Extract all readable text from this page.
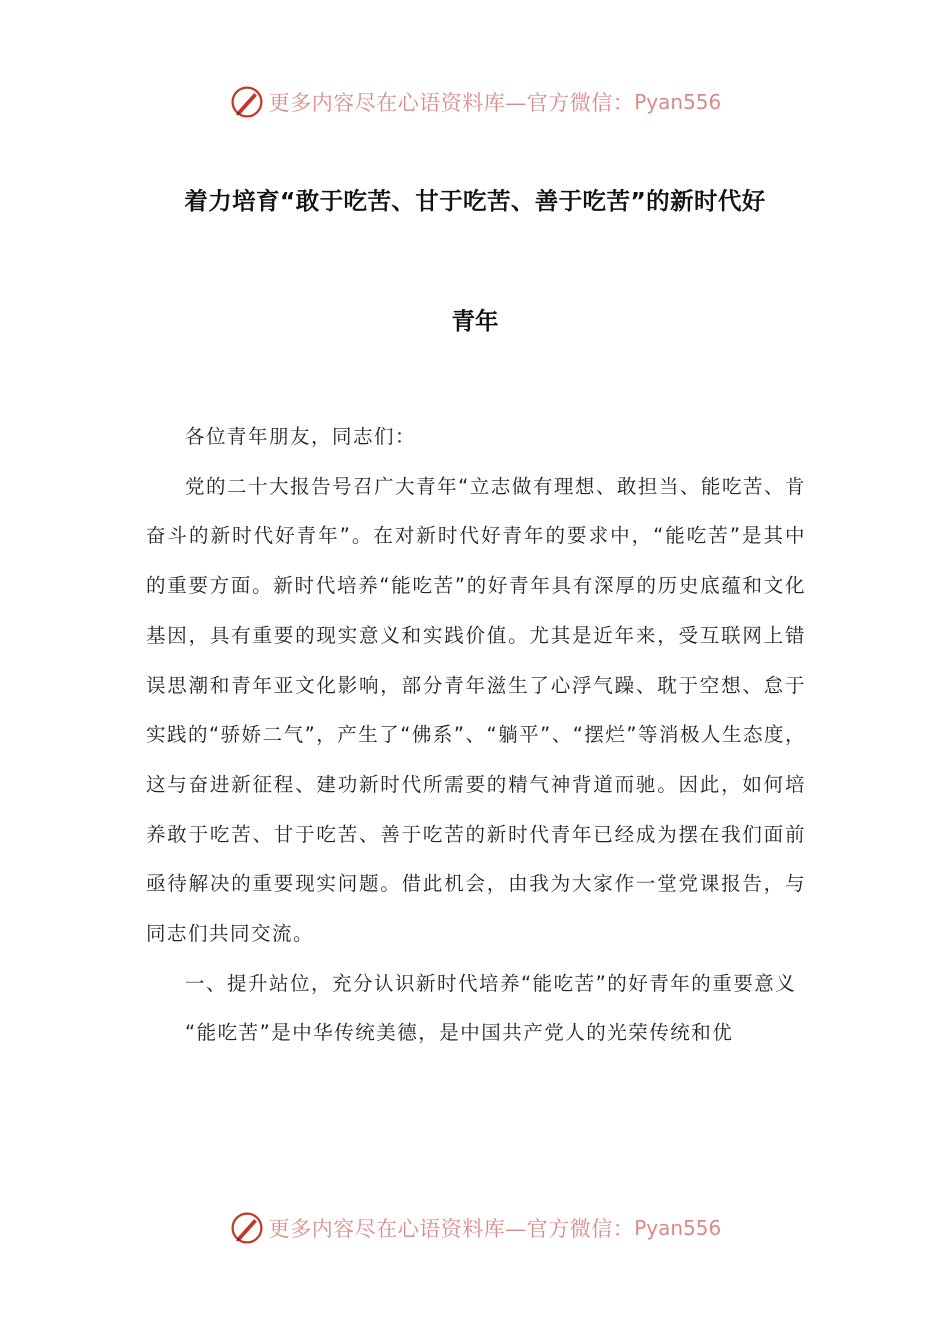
更多内容尽在心语资料库—官方微信： Pyan556
着力培育“敢于吃苦、甘于吃苦、善于吃苦”的新时代好
青年

各位青年朋友，同志们：

党的二十大报告号召广大青年“立志做有理想、敢担当、能吃苦、肯奋斗的新时代好青年”。在对新时代好青年的要求中，“能吃苦”是其中的重要方面。新时代培养“能吃苦”的好青年具有深厚的历史底蕴和文化基因，具有重要的现实意义和实践价值。尤其是近年来，受互联网上错误思潮和青年亚文化影响，部分青年滋生了心浮气躁、耽于空想、怠于实践的“骄娇二气”，产生了“佛系”、“躺平”、“摆烂”等消极人生态度，这与奋进新征程、建功新时代所需要的精气神背道而驰。因此，如何培养敢于吃苦、甘于吃苦、善于吃苦的新时代青年已经成为摆在我们面前亟待解决的重要现实问题。借此机会，由我为大家作一堂党课报告，与同志们共同交流。

一、提升站位，充分认识新时代培养“能吃苦”的好青年的重要意义

“能吃苦”是中华传统美德，是中国共产党人的光荣传统和优

更多内容尽在心语资料库—官方微信： Pyan556
